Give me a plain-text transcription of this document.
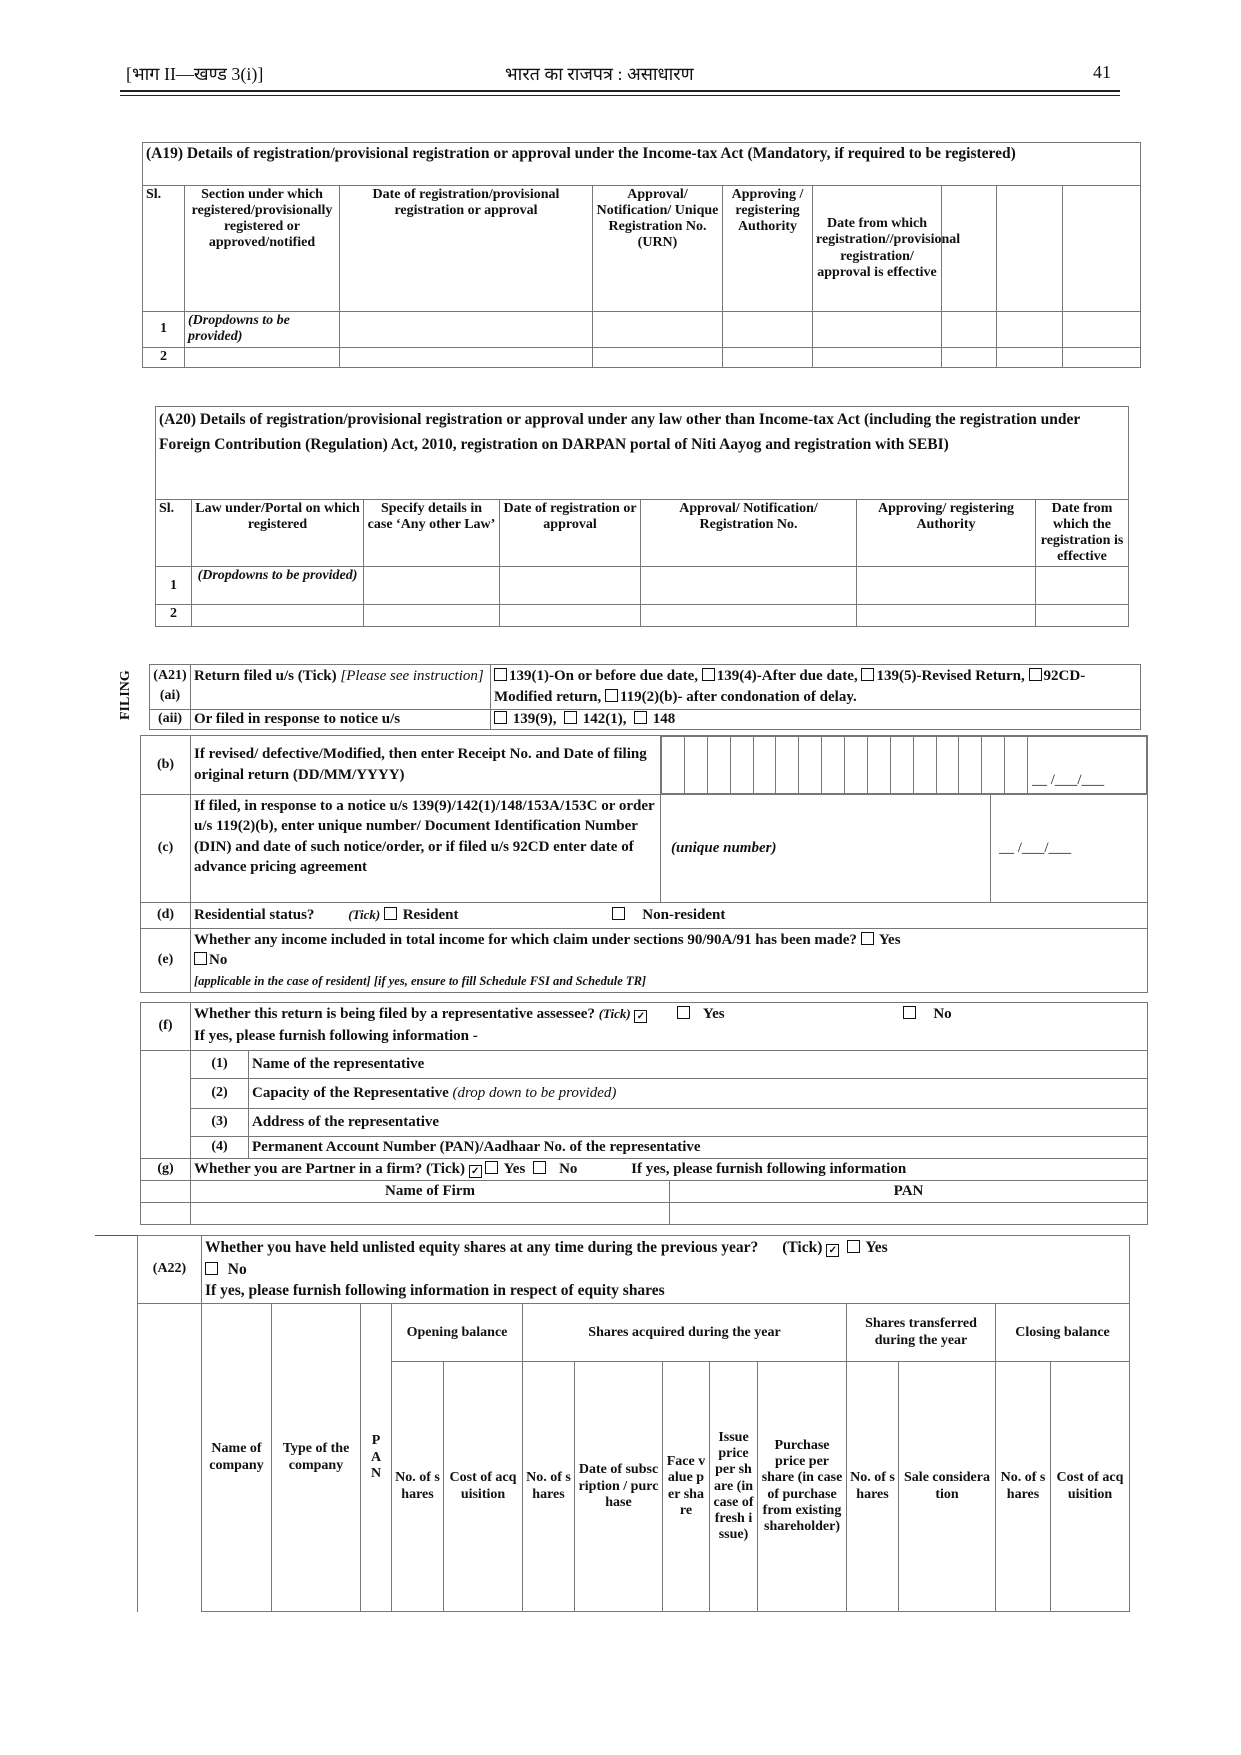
[भाग II—खण्ड 3(i)]	भारत का राजपत्र : असाधारण	41
(A19) Details of registration/provisional registration or approval under the Income-tax Act (Mandatory, if required to be registered)								
Sl.	Section under which registered/provisionally registered or approved/notified	Date of registration/provisional registration or approval	Approval/ Notification/ Unique Registration No. (URN)	Approving / registering Authority	Date from which registration//provisional registration/ approval is effective			
1	(Dropdowns to be provided)							
2								
(A20) Details of registration/provisional registration or approval under any law other than Income-tax Act (including the registration under Foreign Contribution (Regulation) Act, 2010, registration on DARPAN portal of Niti Aayog and registration with SEBI)						
Sl.	Law under/Portal on which registered	Specify details in case ‘Any other Law’	Date of registration or approval	Approval/ Notification/ Registration No.	Approving/ registering Authority	Date from which the registration is effective
1	(Dropdowns to be provided)					
2						
FILING (A21)
(ai)	Return filed u/s (Tick) [Please see instruction]	139(1)-On or before due date, 139(4)-After due date, 139(5)-Revised Return, 92CD-Modified return, 119(2)(b)- after condonation of delay.
(aii)	Or filed in response to notice u/s	139(9), 142(1), 148
(b)	If revised/ defective/Modified, then enter Receipt No. and Date of filing original return (DD/MM/YYYY)	
																	__ /___/___

(c)	If filed, in response to a notice u/s 139(9)/142(1)/148/153A/153C or order u/s 119(2)(b), enter unique number/ Document Identification Number (DIN) and date of such notice/order, or if filed u/s 92CD enter date of advance pricing agreement	(unique number)	__ /___/___
(d)	Residential status?	(Tick) Resident	Non-resident
(e)	Whether any income included in total income for which claim under sections 90/90A/91 has been made? Yes
No
[applicable in the case of resident] [if yes, ensure to fill Schedule FSI and Schedule TR]
(f)	Whether this return is being filed by a representative assessee? (Tick) ✓ Yes No
If yes, please furnish following information -		
	(1)	Name of the representative	
	(2)	Capacity of the Representative (drop down to be provided)	
	(3)	Address of the representative	
	(4)	Permanent Account Number (PAN)/Aadhaar No. of the representative	
(g)	Whether you are Partner in a firm? (Tick) ✓ Yes No If yes, please furnish following information		
	Name of Firm		PAN

(A22)	Whether you have held unlisted equity shares at any time during the previous year? (Tick) ✓ Yes
No
If yes, please furnish following information in respect of equity shares													
	Name of company	Type of the company	PAN	Opening balance		Shares acquired during the year					Shares transferred during the year		Closing balance	
				No. of shares	Cost of acquisition	No. of shares	Date of subscription / purchase	Face value per share	Issue price per share (in case of fresh issue)	Purchase price per share (in case of purchase from existing shareholder)	No. of shares	Sale consideration	No. of shares	Cost of acquisition
